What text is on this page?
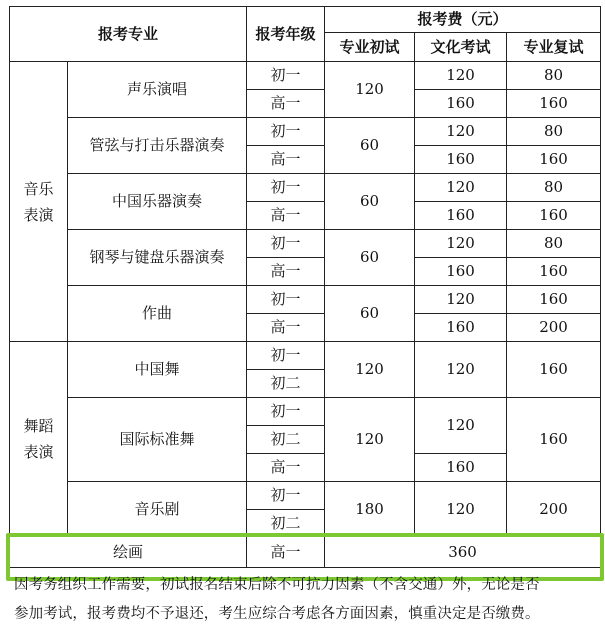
报考专业		报考年级	报考费（元）		
			专业初试	文化考试	专业复试
音乐表演	声乐演唱	初一	120	120	80
		高一		160	160
	管弦与打击乐器演奏	初一	60	120	80
		高一		160	160
	中国乐器演奏	初一	60	120	80
		高一		160	160
	钢琴与键盘乐器演奏	初一	60	120	80
		高一		160	160
	作曲	初一	60	120	160
		高一		160	200
舞蹈表演	中国舞	初一	120	120	160
		初二			
	国际标准舞	初一	120	120	160
		初二			
		高一		160	
	音乐剧	初一	180	120	200
		初二			
绘画		高一	360		

因考务组织工作需要，初试报名结束后除不可抗力因素（不含交通）外，无论是否

参加考试，报考费均不予退还，考生应综合考虑各方面因素，慎重决定是否缴费。
